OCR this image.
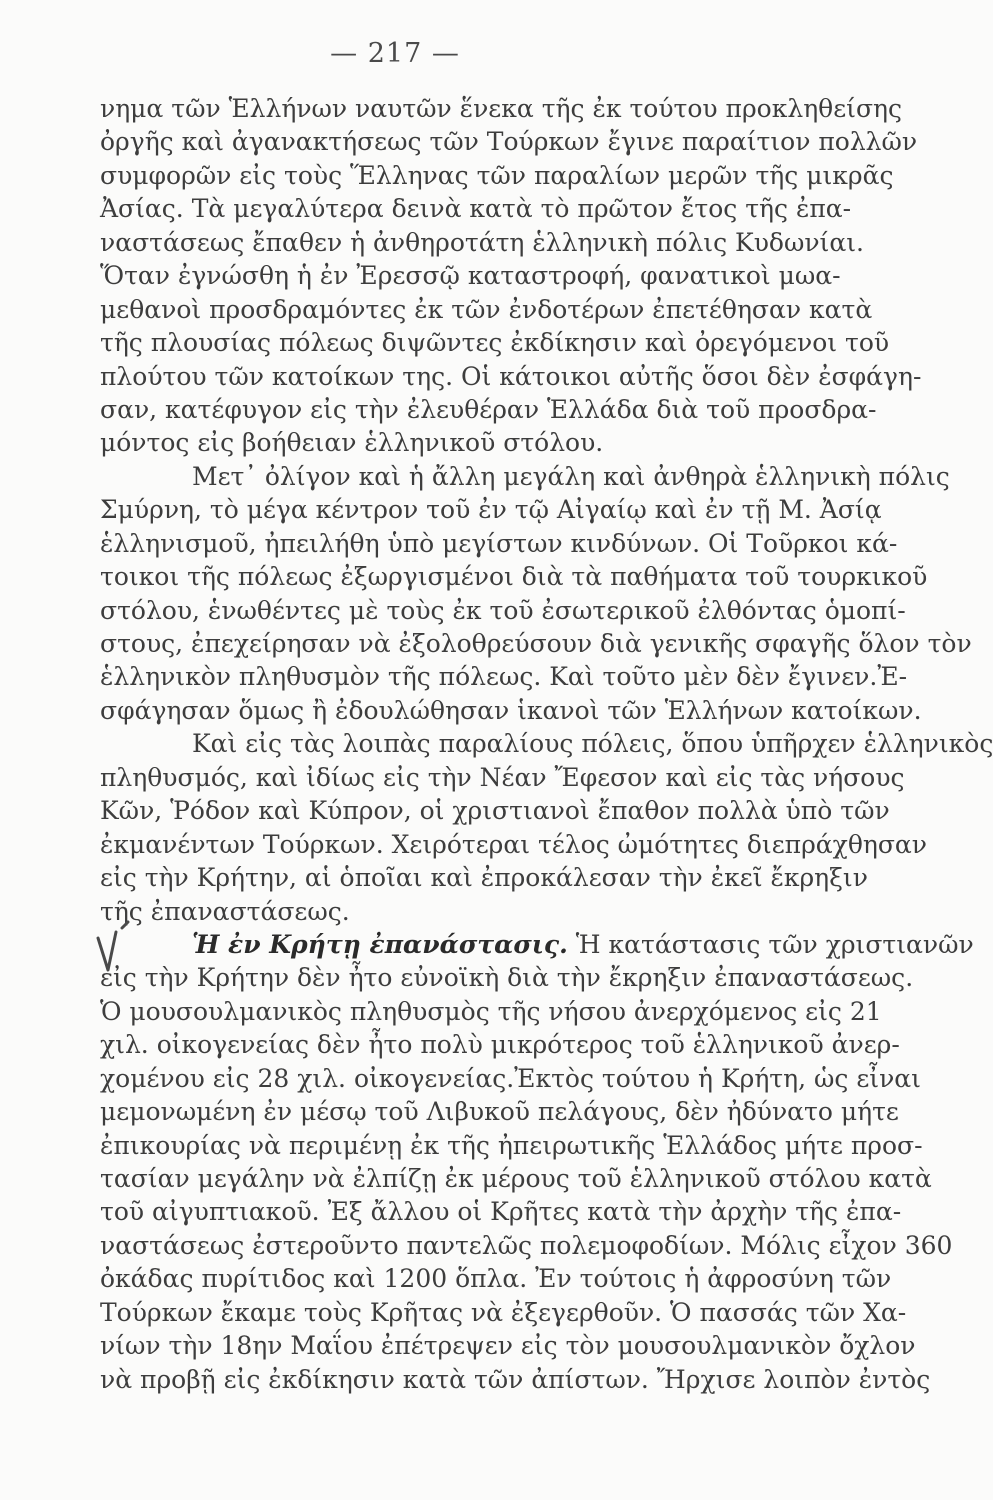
— 217 —
νημα τῶν Ἑλλήνων ναυτῶν ἕνεκα τῆς ἐκ τούτου προκληθείσης
ὀργῆς καὶ ἀγανακτήσεως τῶν Τούρκων ἔγινε παραίτιον πολλῶν
συμφορῶν εἰς τοὺς Ἕλληνας τῶν παραλίων μερῶν τῆς μικρᾶς
Ἀσίας. Τὰ μεγαλύτερα δεινὰ κατὰ τὸ πρῶτον ἔτος τῆς ἐπα-
ναστάσεως ἔπαθεν ἡ ἀνθηροτάτη ἑλληνικὴ πόλις Κυδωνίαι.
Ὅταν ἐγνώσθη ἡ ἐν Ἐρεσσῷ καταστροφή, φανατικοὶ μωα-
μεθανοὶ προσδραμόντες ἐκ τῶν ἐνδοτέρων ἐπετέθησαν κατὰ
τῆς πλουσίας πόλεως διψῶντες ἐκδίκησιν καὶ ὀρεγόμενοι τοῦ
πλούτου τῶν κατοίκων της. Οἱ κάτοικοι αὐτῆς ὅσοι δὲν ἐσφάγη-
σαν, κατέφυγον εἰς τὴν ἐλευθέραν Ἑλλάδα διὰ τοῦ προσδρα-
μόντος εἰς βοήθειαν ἑλληνικοῦ στόλου.
Μετ᾽ ὀλίγον καὶ ἡ ἄλλη μεγάλη καὶ ἀνθηρὰ ἑλληνικὴ πόλις
Σμύρνη, τὸ μέγα κέντρον τοῦ ἐν τῷ Αἰγαίῳ καὶ ἐν τῇ Μ. Ἀσίᾳ
ἑλληνισμοῦ, ἠπειλήθη ὑπὸ μεγίστων κινδύνων. Οἱ Τοῦρκοι κά-
τοικοι τῆς πόλεως ἐξωργισμένοι διὰ τὰ παθήματα τοῦ τουρκικοῦ
στόλου, ἑνωθέντες μὲ τοὺς ἐκ τοῦ ἐσωτερικοῦ ἐλθόντας ὁμοπί-
στους, ἐπεχείρησαν νὰ ἐξολοθρεύσουν διὰ γενικῆς σφαγῆς ὅλον τὸν
ἑλληνικὸν πληθυσμὸν τῆς πόλεως. Καὶ τοῦτο μὲν δὲν ἔγινεν.Ἐ-
σφάγησαν ὅμως ἢ ἐδουλώθησαν ἱκανοὶ τῶν Ἑλλήνων κατοίκων.
Καὶ εἰς τὰς λοιπὰς παραλίους πόλεις, ὅπου ὑπῆρχεν ἑλληνικὸς
πληθυσμός, καὶ ἰδίως εἰς τὴν Νέαν Ἔφεσον καὶ εἰς τὰς νήσους
Κῶν, Ῥόδον καὶ Κύπρον, οἱ χριστιανοὶ ἔπαθον πολλὰ ὑπὸ τῶν
ἐκμανέντων Τούρκων. Χειρότεραι τέλος ὠμότητες διεπράχθησαν
εἰς τὴν Κρήτην, αἱ ὁποῖαι καὶ ἐπροκάλεσαν τὴν ἐκεῖ ἔκρηξιν
τῆς ἐπαναστάσεως.
Ἡ ἐν Κρήτῃ ἐπανάστασις. Ἡ κατάστασις τῶν χριστιανῶν
εἰς τὴν Κρήτην δὲν ἦτο εὐνοϊκὴ διὰ τὴν ἔκρηξιν ἐπαναστάσεως.
Ὁ μουσουλμανικὸς πληθυσμὸς τῆς νήσου ἀνερχόμενος εἰς 21
χιλ. οἰκογενείας δὲν ἦτο πολὺ μικρότερος τοῦ ἑλληνικοῦ ἀνερ-
χομένου εἰς 28 χιλ. οἰκογενείας.Ἐκτὸς τούτου ἡ Κρήτη, ὡς εἶναι
μεμονωμένη ἐν μέσῳ τοῦ Λιβυκοῦ πελάγους, δὲν ἠδύνατο μήτε
ἐπικουρίας νὰ περιμένῃ ἐκ τῆς ἠπειρωτικῆς Ἑλλάδος μήτε προσ-
τασίαν μεγάλην νὰ ἐλπίζῃ ἐκ μέρους τοῦ ἑλληνικοῦ στόλου κατὰ
τοῦ αἰγυπτιακοῦ. Ἐξ ἄλλου οἱ Κρῆτες κατὰ τὴν ἀρχὴν τῆς ἐπα-
ναστάσεως ἐστεροῦντο παντελῶς πολεμοφοδίων. Μόλις εἶχον 360
ὀκάδας πυρίτιδος καὶ 1200 ὅπλα. Ἐν τούτοις ἡ ἀφροσύνη τῶν
Τούρκων ἔκαμε τοὺς Κρῆτας νὰ ἐξεγερθοῦν. Ὁ πασσάς τῶν Χα-
νίων τὴν 18ην Μαΐου ἐπέτρεψεν εἰς τὸν μουσουλμανικὸν ὄχλον
νὰ προβῇ εἰς ἐκδίκησιν κατὰ τῶν ἀπίστων. Ἤρχισε λοιπὸν ἐντὸς
